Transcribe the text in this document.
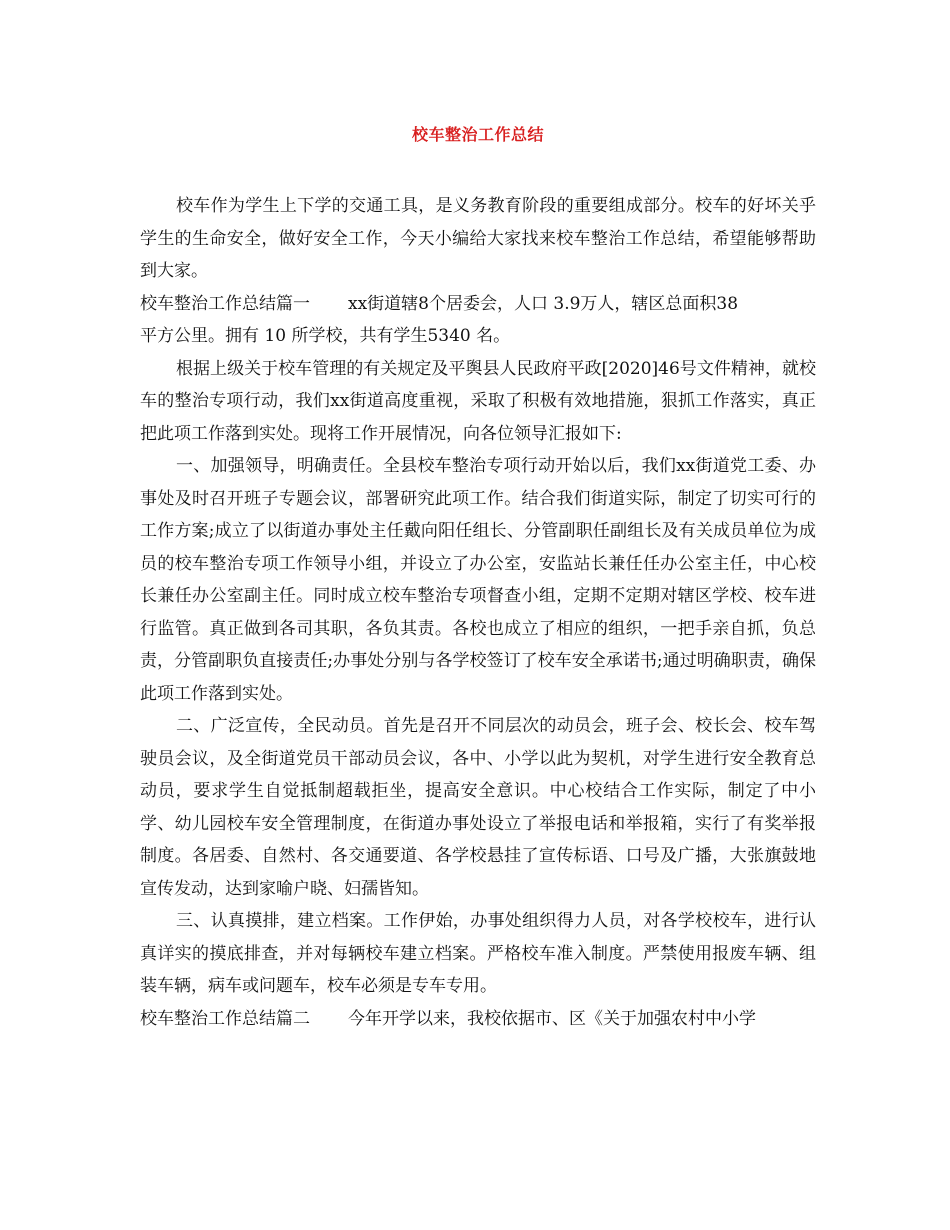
校车整治工作总结

校车作为学生上下学的交通工具，是义务教育阶段的重要组成部分。校车的好坏关乎学生的生命安全，做好安全工作，今天小编给大家找来校车整治工作总结，希望能够帮助到大家。

校车整治工作总结篇一 xx街道辖8个居委会，人口 3.9万人，辖区总面积38

平方公里。拥有 10 所学校，共有学生5340 名。

根据上级关于校车管理的有关规定及平舆县人民政府平政[2020]46号文件精神，就校车的整治专项行动，我们xx街道高度重视，采取了积极有效地措施，狠抓工作落实，真正把此项工作落到实处。现将工作开展情况，向各位领导汇报如下:

一、加强领导，明确责任。全县校车整治专项行动开始以后，我们xx街道党工委、办事处及时召开班子专题会议，部署研究此项工作。结合我们街道实际，制定了切实可行的工作方案;成立了以街道办事处主任戴向阳任组长、分管副职任副组长及有关成员单位为成员的校车整治专项工作领导小组，并设立了办公室，安监站长兼任任办公室主任，中心校长兼任办公室副主任。同时成立校车整治专项督查小组，定期不定期对辖区学校、校车进行监管。真正做到各司其职，各负其责。各校也成立了相应的组织，一把手亲自抓，负总责，分管副职负直接责任;办事处分别与各学校签订了校车安全承诺书;通过明确职责，确保此项工作落到实处。

二、广泛宣传，全民动员。首先是召开不同层次的动员会，班子会、校长会、校车驾驶员会议，及全街道党员干部动员会议，各中、小学以此为契机，对学生进行安全教育总动员，要求学生自觉抵制超载拒坐，提高安全意识。中心校结合工作实际，制定了中小学、幼儿园校车安全管理制度，在街道办事处设立了举报电话和举报箱，实行了有奖举报制度。各居委、自然村、各交通要道、各学校悬挂了宣传标语、口号及广播，大张旗鼓地宣传发动，达到家喻户晓、妇孺皆知。

三、认真摸排，建立档案。工作伊始，办事处组织得力人员，对各学校校车，进行认真详实的摸底排查，并对每辆校车建立档案。严格校车准入制度。严禁使用报废车辆、组装车辆，病车或问题车，校车必须是专车专用。

校车整治工作总结篇二 今年开学以来，我校依据市、区《关于加强农村中小学
